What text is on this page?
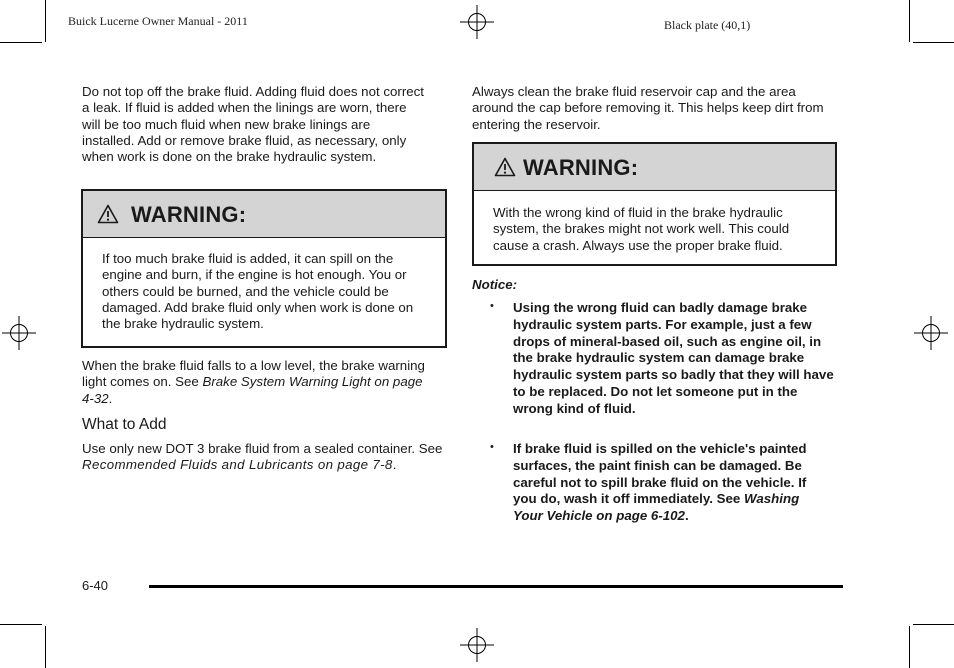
Buick Lucerne Owner Manual - 2011	Black plate (40,1)

Do not top off the brake fluid. Adding fluid does not correct a leak. If fluid is added when the linings are worn, there will be too much fluid when new brake linings are installed. Add or remove brake fluid, as necessary, only when work is done on the brake hydraulic system.

WARNING:

If too much brake fluid is added, it can spill on the engine and burn, if the engine is hot enough. You or others could be burned, and the vehicle could be damaged. Add brake fluid only when work is done on the brake hydraulic system.

When the brake fluid falls to a low level, the brake warning light comes on. See Brake System Warning Light on page 4-32.

What to Add

Use only new DOT 3 brake fluid from a sealed container. See Recommended Fluids and Lubricants on page 7-8.

Always clean the brake fluid reservoir cap and the area around the cap before removing it. This helps keep dirt from entering the reservoir.

WARNING:

With the wrong kind of fluid in the brake hydraulic system, the brakes might not work well. This could cause a crash. Always use the proper brake fluid.

Notice:

• Using the wrong fluid can badly damage brake hydraulic system parts. For example, just a few drops of mineral-based oil, such as engine oil, in the brake hydraulic system can damage brake hydraulic system parts so badly that they will have to be replaced. Do not let someone put in the wrong kind of fluid.

• If brake fluid is spilled on the vehicle's painted surfaces, the paint finish can be damaged. Be careful not to spill brake fluid on the vehicle. If you do, wash it off immediately. See Washing Your Vehicle on page 6-102.

6-40
